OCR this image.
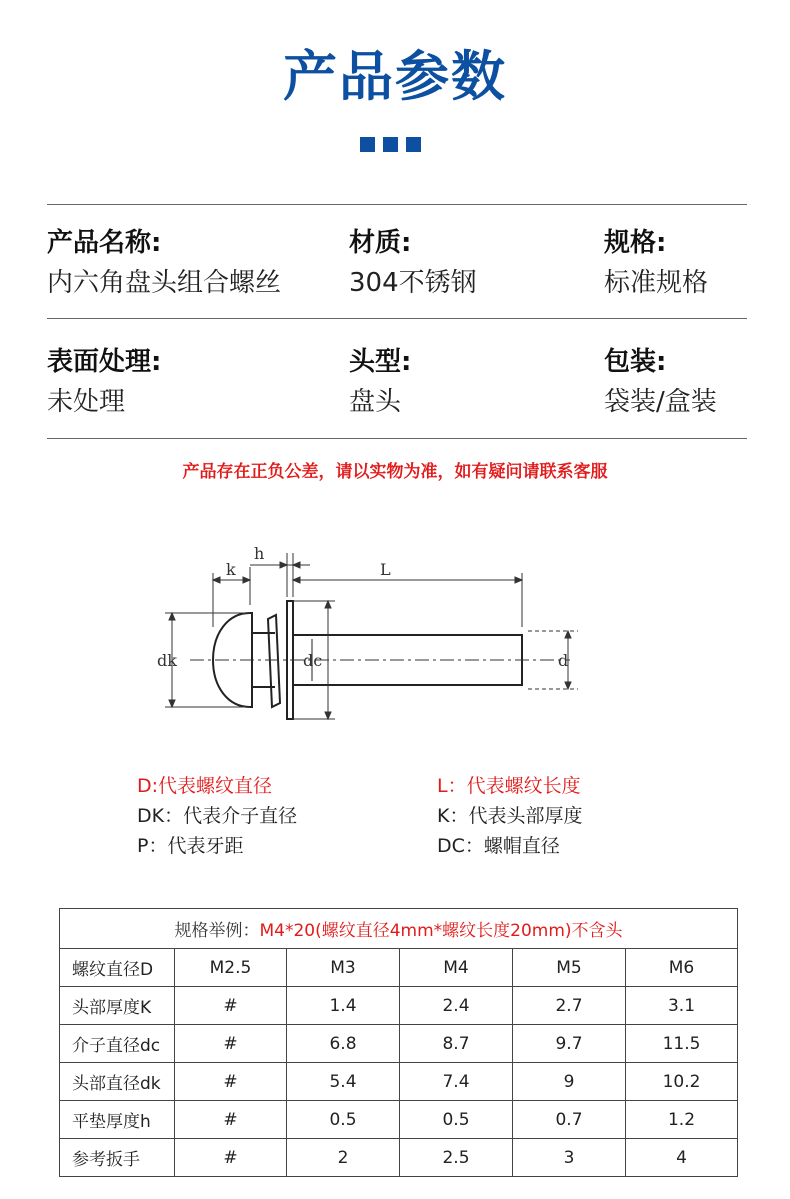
产品参数
产品名称:
内六角盘头组合螺丝
材质:
304不锈钢
规格:
标准规格
表面处理:
未处理
头型:
盘头
包装:
袋装/盒装
产品存在正负公差，请以实物为准，如有疑问请联系客服
k
h
L
dk	dc	d
D:代表螺纹直径	L：代表螺纹长度
DK：代表介子直径	K：代表头部厚度
P：代表牙距	DC：螺帽直径
规格举例：M4*20(螺纹直径4mm*螺纹长度20mm)不含头					
螺纹直径D	M2.5	M3	M4	M5	M6
头部厚度K	#	1.4	2.4	2.7	3.1
介子直径dc	#	6.8	8.7	9.7	11.5
头部直径dk	#	5.4	7.4	9	10.2
平垫厚度h	#	0.5	0.5	0.7	1.2
参考扳手	#	2	2.5	3	4
